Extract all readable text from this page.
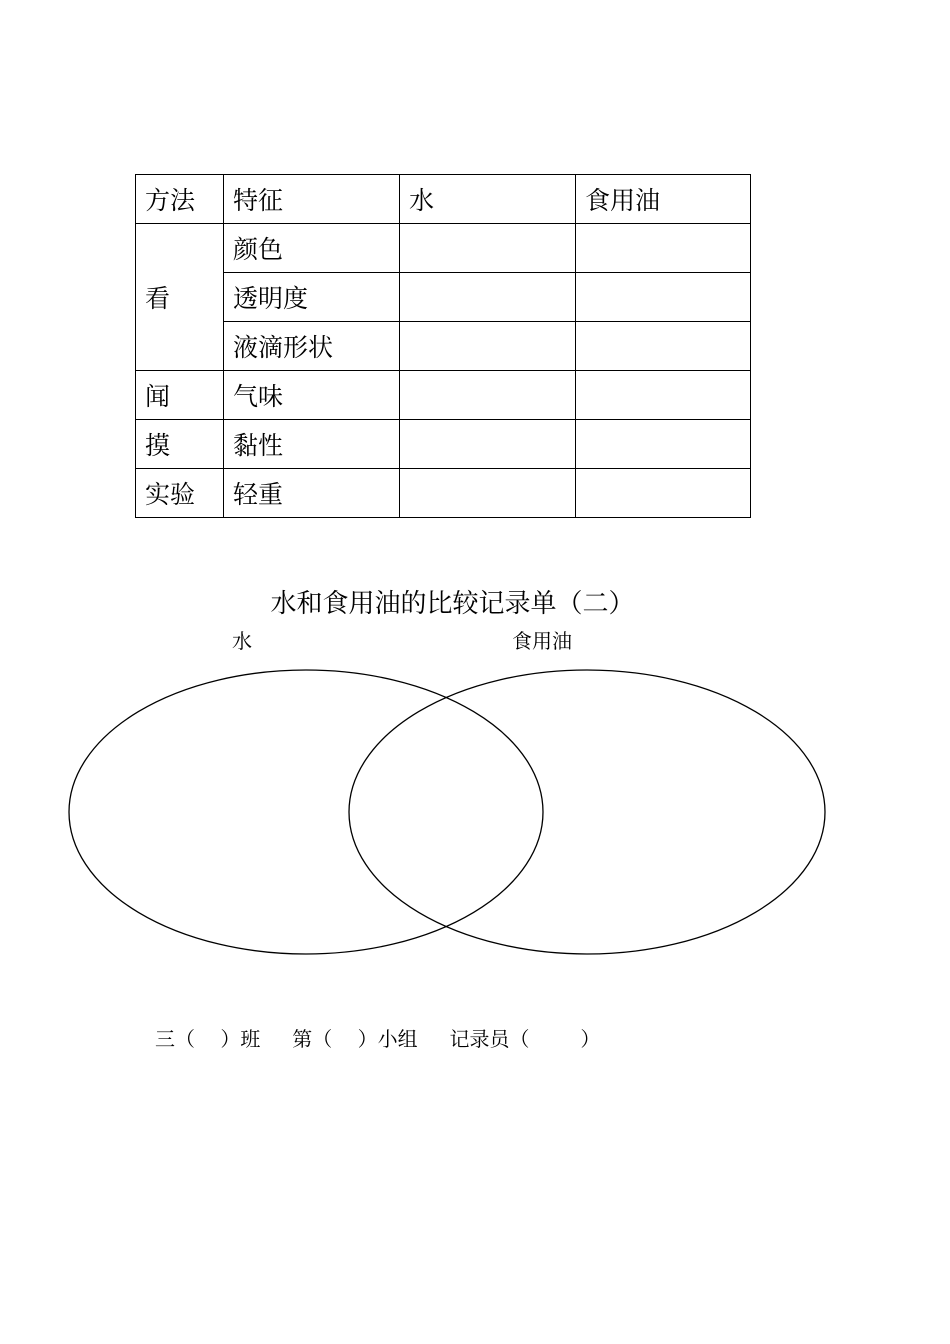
方法	特征	水	食用油
看	颜色		
	透明度		
	液滴形状		
闻	气味		
摸	黏性		
实验	轻重		
水和食用油的比较记录单（二）
水	食用油
三（    ）班 第（    ）小组 记录员（        ）
